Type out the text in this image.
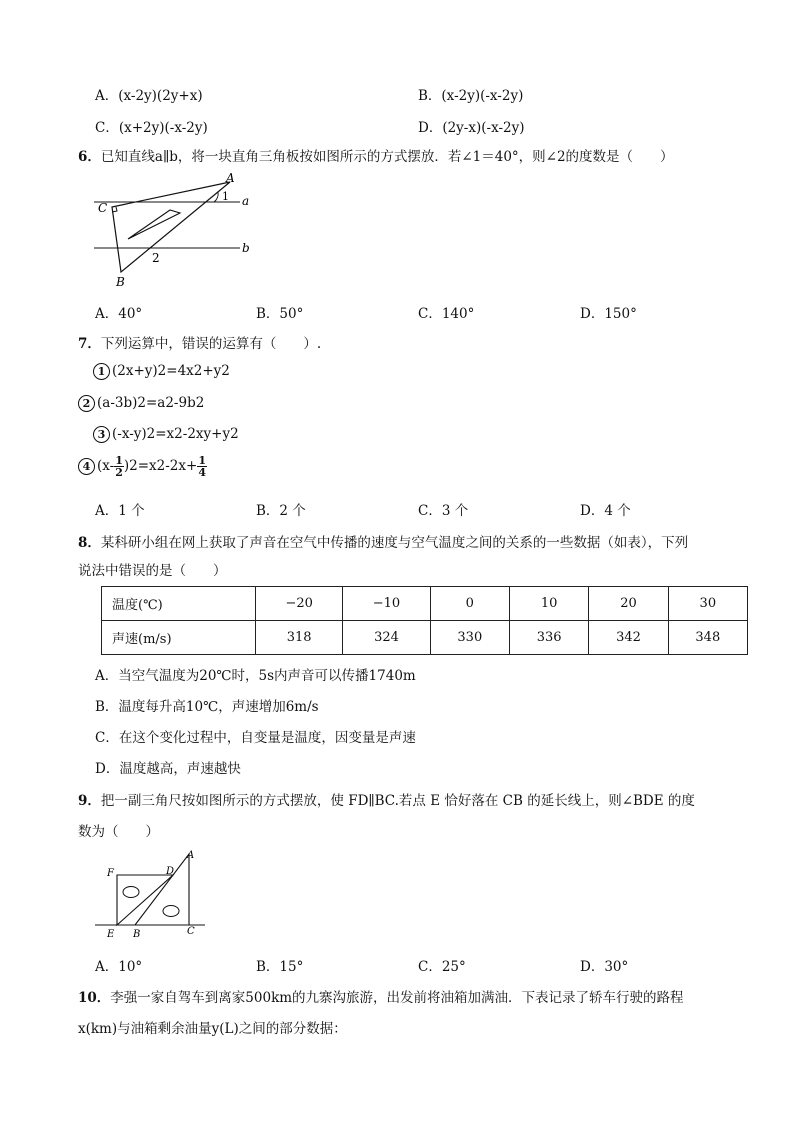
A．(x-2y)(2y+x)	B．(x-2y)(-x-2y)
C．(x+2y)(-x-2y)	D．(2y-x)(-x-2y)
6．已知直线a∥b，将一块直角三角板按如图所示的方式摆放．若∠1＝40°，则∠2的度数是（　　）
A
C
1 a
b
2
B
A．40°	B．50°	C．140°	D．150°
7．下列运算中，错误的运算有（　　）.
1 (2x+y)2=4x2+y2
2 (a-3b)2=a2-9b2
3 (-x-y)2=x2-2xy+y2
4 $(x- \frac{1}{2} )2=x2-2x+ \frac{1}{4}$
A．1 个	B．2 个	C．3 个	D．4 个
8．某科研小组在网上获取了声音在空气中传播的速度与空气温度之间的关系的一些数据（如表），下列
说法中错误的是（　　）
温度(℃)	−20	−10	0	10	20	30
声速(m/s)	318	324	330	336	342	348
A．当空气温度为20℃时，5s内声音可以传播1740m
B．温度每升高10℃，声速增加6m/s
C．在这个变化过程中，自变量是温度，因变量是声速
D．温度越高，声速越快
9．把一副三角尺按如图所示的方式摆放，使 FD∥BC.若点 E 恰好落在 CB 的延长线上，则∠BDE 的度
数为（　　）
F	D
A
E B	C
A．10°	B．15°	C．25°	D．30°
10．李强一家自驾车到离家500km的九寨沟旅游，出发前将油箱加满油．下表记录了轿车行驶的路程
x(km)与油箱剩余油量y(L)之间的部分数据：
